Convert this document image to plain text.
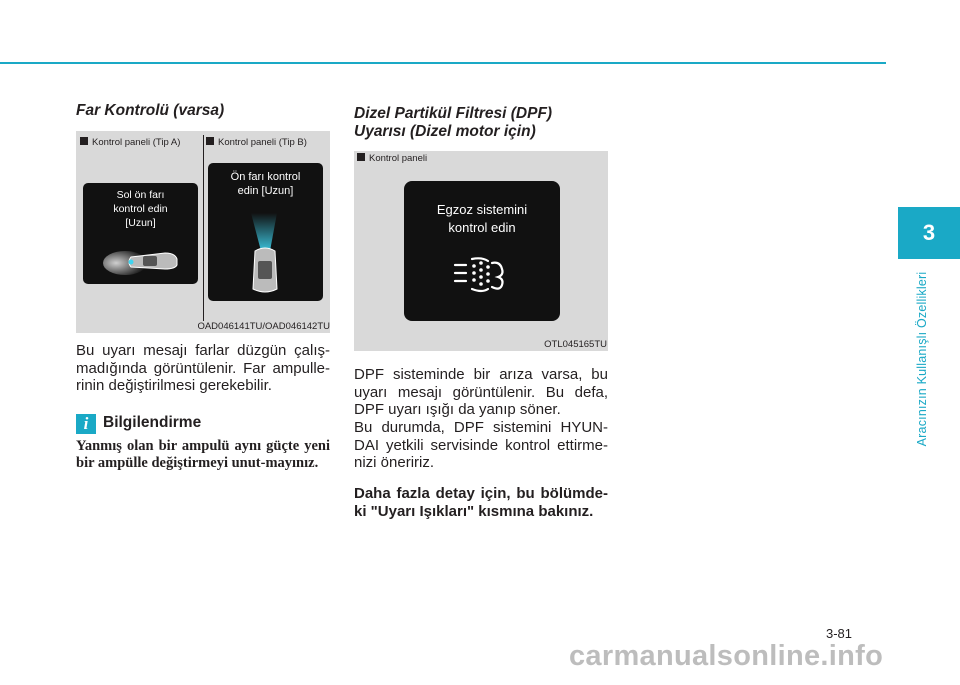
3
Aracınızın Kullanışlı Özellikleri
Far Kontrolü (varsa)
Kontrol paneli (Tip A)	Kontrol paneli (Tip B)
Sol ön farı
kontrol edin
[Uzun]
Ön farı kontrol
edin [Uzun]
OAD046141TU/OAD046142TU
Bu uyarı mesajı farlar düzgün çalış-madığında görüntülenir. Far ampulle-rinin değiştirilmesi gerekebilir.
i Bilgilendirme
Yanmış olan bir ampulü aynı güçte yeni bir ampülle değiştirmeyi unut-mayınız.
Dizel Partikül Filtresi (DPF)
Uyarısı (Dizel motor için)
Kontrol paneli
Egzoz sistemini
kontrol edin
OTL045165TU
DPF sisteminde bir arıza varsa, bu uyarı mesajı görüntülenir. Bu defa, DPF uyarı ışığı da yanıp söner.
Bu durumda, DPF sistemini HYUN-DAI yetkili servisinde kontrol ettirme-nizi öneririz.
Daha fazla detay için, bu bölümde-ki "Uyarı Işıkları" kısmına bakınız.
3-81
carmanualsonline.info
